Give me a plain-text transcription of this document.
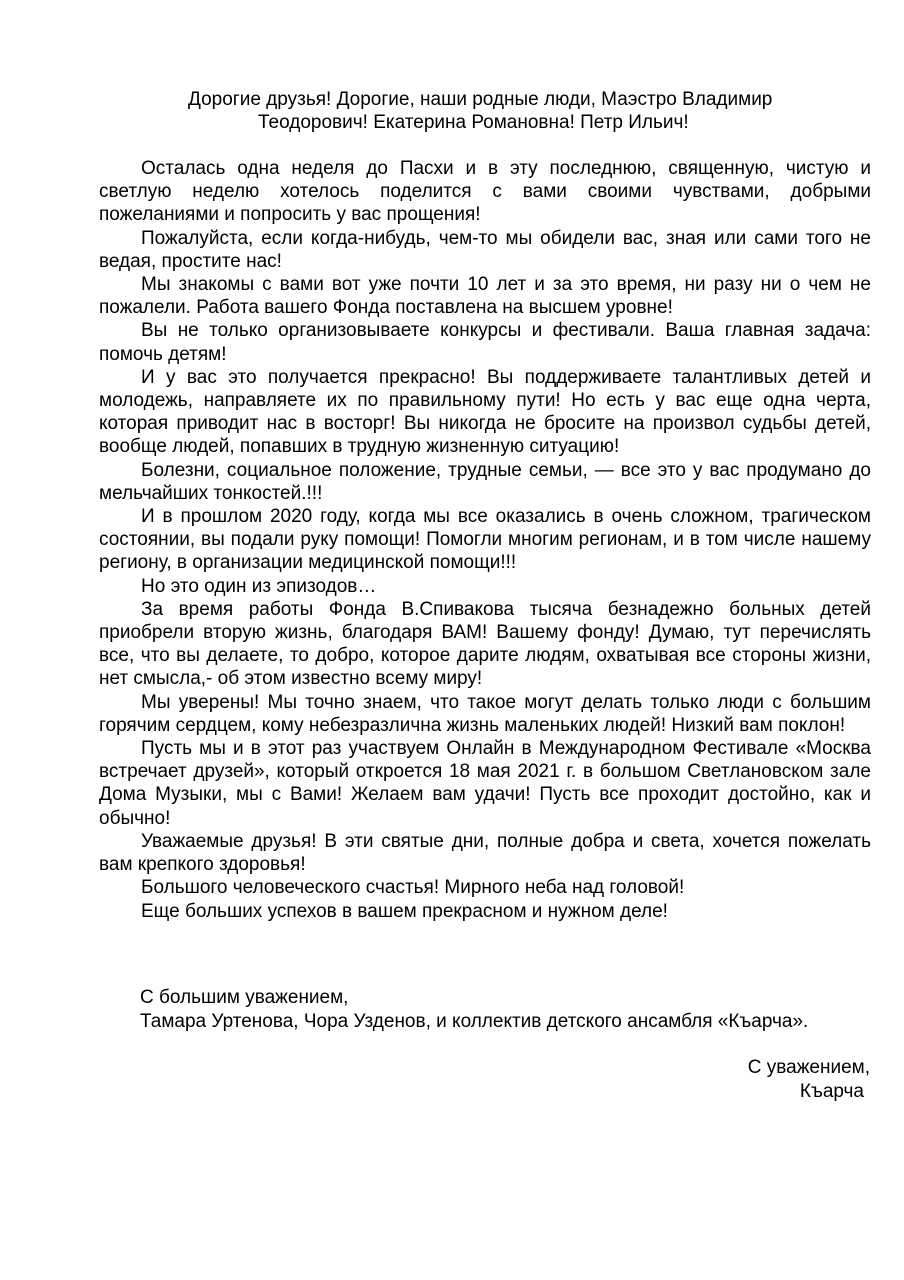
Дорогие друзья! Дорогие, наши родные люди, Маэстро Владимир
Теодорович! Екатерина Романовна! Петр Ильич!

Осталась одна неделя до Пасхи и в эту последнюю, священную, чистую и светлую неделю хотелось поделится с вами своими чувствами, добрыми пожеланиями и попросить у вас прощения!

Пожалуйста, если когда-нибудь, чем-то мы обидели вас, зная или сами того не ведая, простите нас!

Мы знакомы с вами вот уже почти 10 лет и за это время, ни разу ни о чем не пожалели. Работа вашего Фонда поставлена на высшем уровне!

Вы не только организовываете конкурсы и фестивали. Ваша главная задача: помочь детям!

И у вас это получается прекрасно! Вы поддерживаете талантливых детей и молодежь, направляете их по правильному пути! Но есть у вас еще одна черта, которая приводит нас в восторг! Вы никогда не бросите на произвол судьбы детей, вообще людей, попавших в трудную жизненную ситуацию!

Болезни, социальное положение, трудные семьи, — все это у вас продумано до мельчайших тонкостей.!!!

И в прошлом 2020 году, когда мы все оказались в очень сложном, трагическом состоянии, вы подали руку помощи! Помогли многим регионам, и в том числе нашему региону, в организации медицинской помощи!!!

Но это один из эпизодов…

За время работы Фонда В.Спивакова тысяча безнадежно больных детей приобрели вторую жизнь, благодаря ВАМ! Вашему фонду! Думаю, тут перечислять все, что вы делаете, то добро, которое дарите людям, охватывая все стороны жизни, нет смысла,- об этом известно всему миру!

Мы уверены! Мы точно знаем, что такое могут делать только люди с большим горячим сердцем, кому небезразлична жизнь маленьких людей! Низкий вам поклон!

Пусть мы и в этот раз участвуем Онлайн в Международном Фестивале «Москва встречает друзей», который откроется 18 мая 2021 г. в большом Светлановском зале Дома Музыки, мы с Вами! Желаем вам удачи! Пусть все проходит достойно, как и обычно!

Уважаемые друзья! В эти святые дни, полные добра и света, хочется пожелать вам крепкого здоровья!

Большого человеческого счастья! Мирного неба над головой!

Еще больших успехов в вашем прекрасном и нужном деле!

С большим уважением,
Тамара Уртенова, Чора Узденов, и коллектив детского ансамбля «Къарча».
С уважением,
Къарча
